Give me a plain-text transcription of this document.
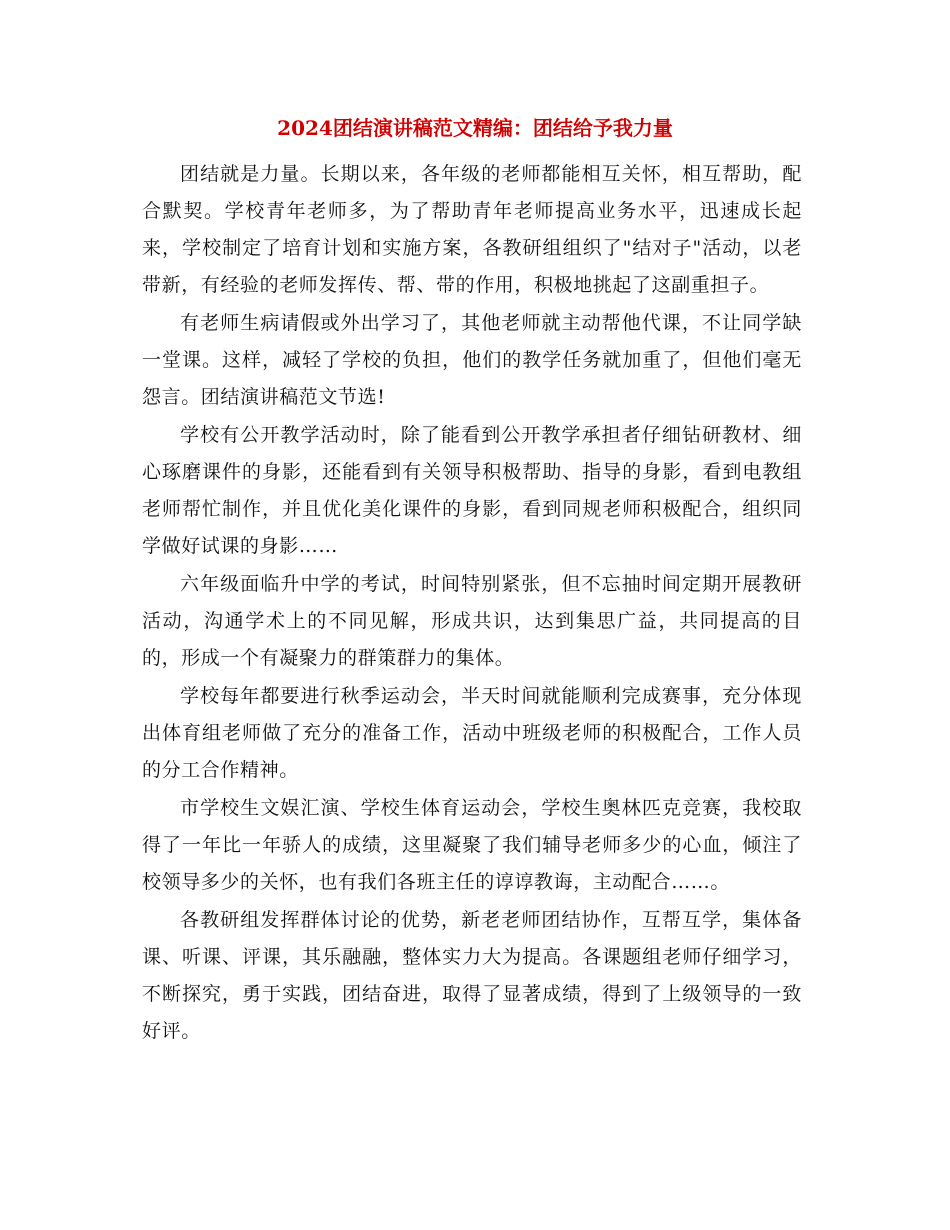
2024团结演讲稿范文精编：团结给予我力量

团结就是力量。长期以来，各年级的老师都能相互关怀，相互帮助，配合默契。学校青年老师多，为了帮助青年老师提高业务水平，迅速成长起来，学校制定了培育计划和实施方案，各教研组组织了"结对子"活动，以老带新，有经验的老师发挥传、帮、带的作用，积极地挑起了这副重担子。

有老师生病请假或外出学习了，其他老师就主动帮他代课，不让同学缺一堂课。这样，减轻了学校的负担，他们的教学任务就加重了，但他们毫无怨言。团结演讲稿范文节选!

学校有公开教学活动时，除了能看到公开教学承担者仔细钻研教材、细心琢磨课件的身影，还能看到有关领导积极帮助、指导的身影，看到电教组老师帮忙制作，并且优化美化课件的身影，看到同规老师积极配合，组织同学做好试课的身影……

六年级面临升中学的考试，时间特别紧张，但不忘抽时间定期开展教研活动，沟通学术上的不同见解，形成共识，达到集思广益，共同提高的目的，形成一个有凝聚力的群策群力的集体。

学校每年都要进行秋季运动会，半天时间就能顺利完成赛事，充分体现出体育组老师做了充分的准备工作，活动中班级老师的积极配合，工作人员的分工合作精神。

市学校生文娱汇演、学校生体育运动会，学校生奥林匹克竞赛，我校取得了一年比一年骄人的成绩，这里凝聚了我们辅导老师多少的心血，倾注了校领导多少的关怀，也有我们各班主任的谆谆教诲，主动配合……。

各教研组发挥群体讨论的优势，新老老师团结协作，互帮互学，集体备课、听课、评课，其乐融融，整体实力大为提高。各课题组老师仔细学习，不断探究，勇于实践，团结奋进，取得了显著成绩，得到了上级领导的一致好评。
